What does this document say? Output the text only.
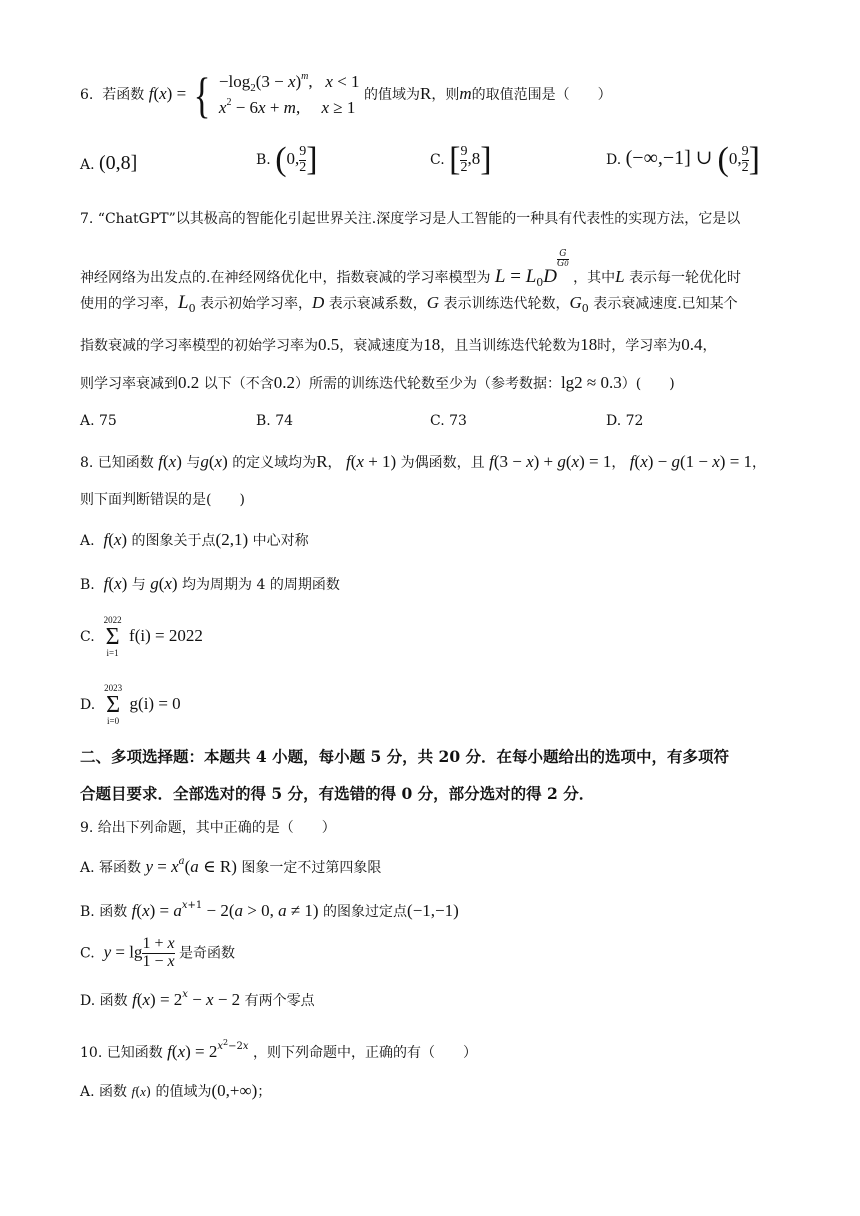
6. 若函数 f(x) = { $-\log_2(3 - x)^m$,   x < 1
$x^2 - 6x + m$,     x ≥ 1
的值域为R，则m的取值范围是（　　）
A. (0,8]	B. (0, $\frac{9}{2}$ ]	C. [ $\frac{9}{2} ,8$]	D. (−∞,−1] ∪ (0, $\frac{9}{2}$ ]
7. “ChatGPT”以其极高的智能化引起世界关注.深度学习是人工智能的一种具有代表性的实现方法，它是以
神经网络为出发点的.在神经网络优化中，指数衰减的学习率模型为 $L = L_0D$
$\frac{G}{G0}$
，其中L 表示每一轮优化时
使用的学习率，$L_0$ 表示初始学习率，D 表示衰减系数，G 表示训练迭代轮数，$G_0$ 表示衰减速度.已知某个
指数衰减的学习率模型的初始学习率为0.5，衰减速度为18，且当训练迭代轮数为18时，学习率为0.4，
则学习率衰减到0.2 以下（不含0.2）所需的训练迭代轮数至少为（参考数据：lg2 ≈ 0.3）(　　)
A. 75	B. 74	C. 73	D. 72
8. 已知函数 f(x) 与g(x) 的定义域均为R， f(x + 1) 为偶函数，且 f(3 − x) + g(x) = 1， f(x) − g(1 − x) = 1，
则下面判断错误的是(　　)
A. f(x) 的图象关于点(2,1) 中心对称
B. f(x) 与 g(x) 均为周期为 4 的周期函数
C.
2022
Σ
i=1
f(i) = 2022
D.
2023
Σ
i=0
g(i) = 0
二、多项选择题：本题共 4 小题，每小题 5 分，共 20 分．在每小题给出的选项中，有多项符
合题目要求．全部选对的得 5 分，有选错的得 0 分，部分选对的得 2 分．
9. 给出下列命题，其中正确的是（　　）
A. 幂函数 $y = x^a(a$ ∈ R) 图象一定不过第四象限
B. 函数 $f(x) = a^{x+1} - 2(a > 0$, a ≠ 1) 的图象过定点(−1,−1)
C. $y = \lg \frac{1 + x}{1 - x}$ 是奇函数
D. 函数 $f(x) = 2^x - x - 2$ 有两个零点
10. 已知函数 $f(x) = 2^{x^2-2x}$ ，则下列命题中，正确的有（　　）
A. 函数 f(x) 的值域为(0,+∞)；
